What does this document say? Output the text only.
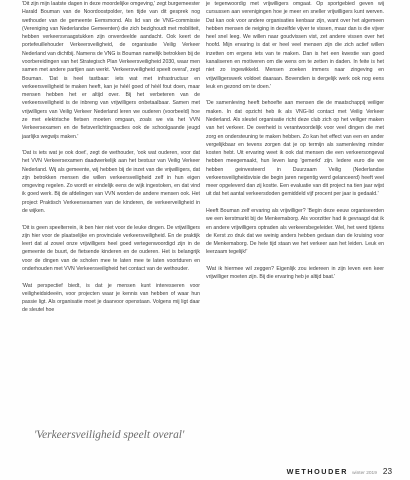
'Dit zijn mijn laatste dagen in deze moordelijke omgeving,' zegt burgemeester Harald Bouman van de Noordoostpolder, ten tijde van dit gesprek nog wethouder van de gemeente Eemsmond. Als lid van de VNG-commissie (Vereniging van Nederlandse Gemeenten) die zich bezighoudt met mobiliteit, hebben verkeersvraagstukken zijn onverdeelde aandacht. Ook keert de portefeuillehouder Verkeersveiligheid, de organisatie Veilig Verkeer Nederland van dichtbij. Namens de VNG is Bouman namelijk betrokken bij de voorbereidingen van het Strategisch Plan Verkeersveiligheid 2030, waar men samen met andere partijen aan werkt. 'Verkeersveiligheid speelt overal', zegt Bouman. 'Dat is heel tastbaar: iets wat met infrastructuur en verkeersveiligheid te maken heeft, kan je héél goed of héél fout doen, maar mensen hebben het er altijd over. Bij het verbeteren van de verkeersveiligheid is de inbreng van vrijwilligers onbetaalbaar. Samen met vrijwilligers van Veilig Verkeer Nederland leren we ouderen (voorbeeld) hoe ze met elektrische fietsen moeten omgaan, zoals we via het VVN Verkeersexamen en de fietsverlichtingsacties ook de schoolgaande jeugd jaarlijks wegwijs maken.'

'Dat is iets wat je ook doet', zegt de wethouder, 'ook wat ouderen, voor dat het VVN Verkeersexamen daadwerkelijk aan het bestuur van Veilig Verkeer Nederland. Wij als gemeente, wij hebben bij de inzet van die vrijwilligers, dat zijn betrokken mensen die willen verkeersveiligheid zelf in hun eigen omgeving regelen. Zo wordt er eindelijk eens de wijk ingestoken, en dat vind ik goed werk. Bij de afdelingen van VVN worden de andere mensen ook. Het project Praktisch Verkeersexamen van de kinderen, de verkeerveiligheid in de wijken.

'Dit is geen speelterrein, ik ben hier niet voor de leuke dingen. De vrijwilligers zijn hier voor de plaatselijke en provinciale verkeersveiligheid. En de praktijk leert dat al zowel onze vrijwilligers heel goed vertegenwoordigd zijn in de gemeente de buurt, de fietsende kinderen en de ouderen. Het is belangrijk voor de dingen van de scholen mee te laten mee te laten voortduren en onderhouden met VVN Verkeersveiligheid het contact van de wethouder.

'Wat perspectief biedt, is dat je mensen kunt interesseren voor veiligheidsideeën, voor projecten waar je kennis van hebben of waar hun passie ligt. Als organisatie moet je daarvoor openstaan. Volgens mij ligt daar de sleutel hoe

je tegenwoordig met vrijwilligers omgaat. Op sportgebied geven wij cursussen aan verenigingen hoe je meer en sneller vrijwilligers kunt werven. Dat kan ook voor andere organisaties kenbaar zijn, want over het algemeen hebben mensen de neiging in dezelfde vijver te vissen, maar dan is die vijver heel snel leeg. We willen naar goudvissen vist, zet andere vissen over het hoofd. Mijn ervaring is dat er heel veel mensen zijn die zich actief willen inzetten om ergens iets van te maken. Dan is het een kwestie van goed kanaliseren en motiveren om die wens om te zetten in daden. In feite is het niet zo ingewikkeld. Mensen zoeken immers naar zingeving en vrijwilligerswerk voldoet daaraan. Bovendien is dergelijk werk ook nog eens leuk en gezond om te doen.'

'De samenleving heeft behoefte aan mensen die de maatschappij veiliger maken. In dat opzicht heb ik als VNG-lid contact met Veilig Verkeer Nederland. Als sleutel organisatie richt deze club zich op het veiliger maken van het verkeer. De overheid is verantwoordelijk voor veel dingen die met zorg en ondersteuning te maken hebben. Zo kan het effect van een en ander vergelijkbaar en tevens zorgen dat je op termijn als samenleving minder kosten hebt. Uit ervaring weet ik ook dat mensen die een verkeersongeval hebben meegemaakt, hun leven lang 'gemerkt' zijn. Iedere euro die we hebben geinvesteerd in Duurzaam Veilig (Nederlandse verkeersveiligheidsvisie die begin jaren negentig werd gelanceerd) heeft veel meer opgeleverd dan zij kostte. Een evaluatie van dit project na tien jaar wijst uit dat het aantal verkeersdoden gemiddeld vijf procent per jaar is gedaald.'

Heeft Bouman zelf ervaring als vrijwilliger? 'Begin deze eeuw organiseerden we een kerstmarkt bij de Menkemaborg. Als voorzitter had ik gevraagd dat ik en andere vrijwilligers optraden als verkeersbegeleider. Wel, het werd tijdens de Kerst zo druk dat we weinig anders hebben gedaan dan de kruising voor de Menkemaborg. De hele tijd staan we het verkeer aan het leiden. Leuk en leerzaam tegelijk!'

'Wat ik hiermee wil zeggen? Eigenlijk zou iedereen in zijn leven een keer vrijwilliger moeten zijn. Bij die ervaring heb je altijd baat.'

'Verkeersveiligheid speelt overal'
WETHOUDER winter 2019 23
